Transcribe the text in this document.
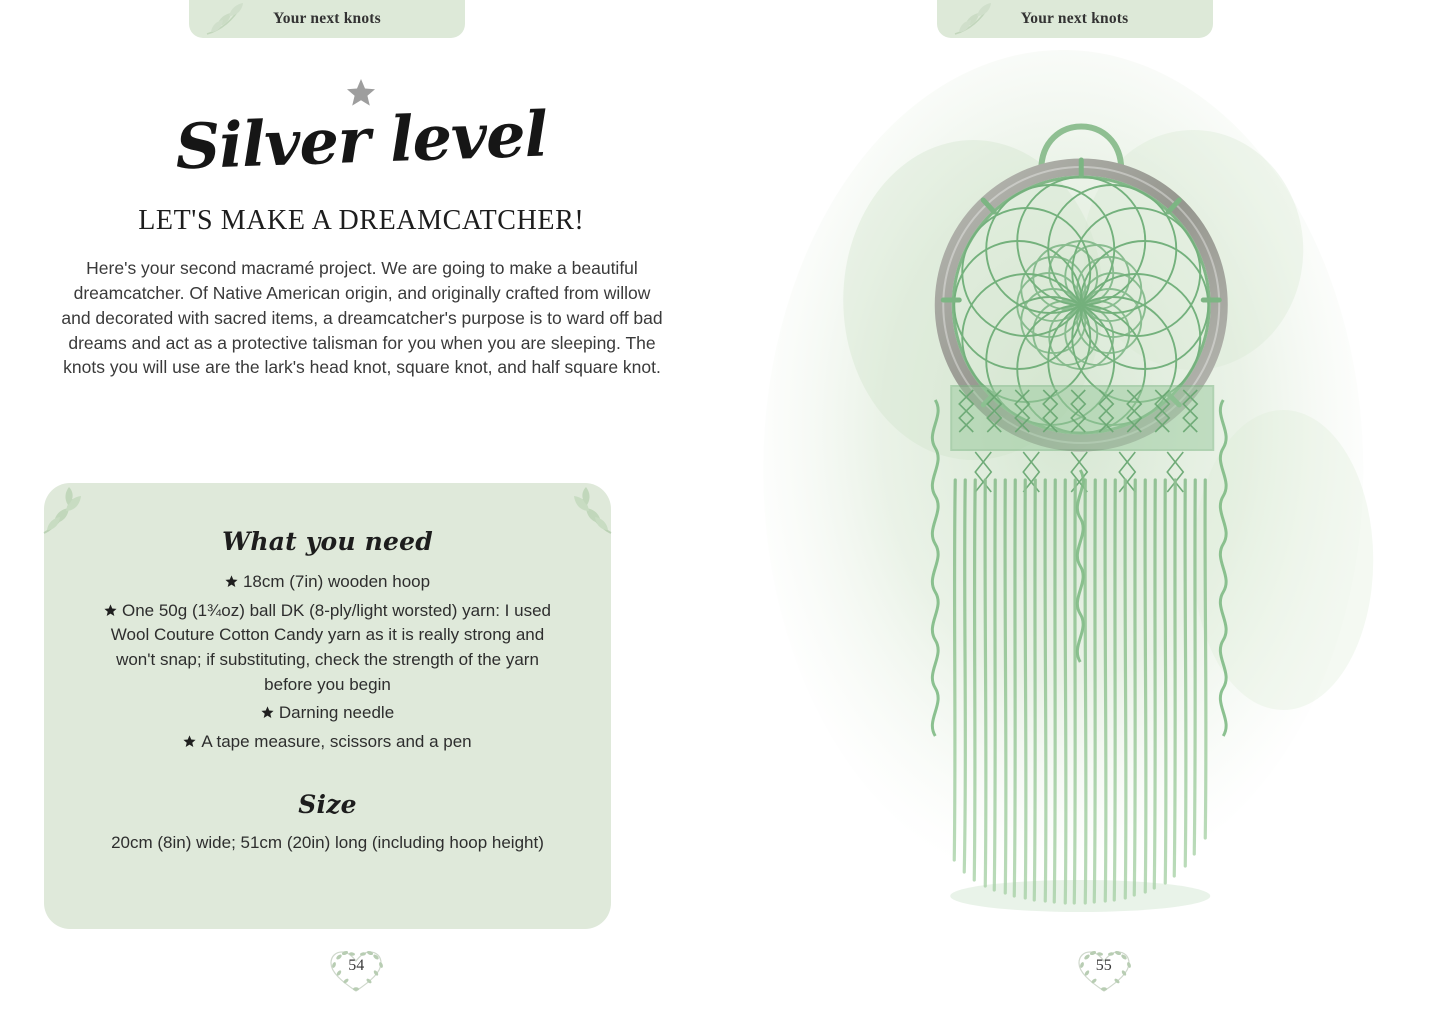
Your next knots
Silver level
LET'S MAKE A DREAMCATCHER!
Here's your second macramé project. We are going to make a beautiful dreamcatcher. Of Native American origin, and originally crafted from willow and decorated with sacred items, a dreamcatcher's purpose is to ward off bad dreams and act as a protective talisman for you when you are sleeping. The knots you will use are the lark's head knot, square knot, and half square knot.
What you need
18cm (7in) wooden hoop
One 50g (1¾oz) ball DK (8-ply/light worsted) yarn: I used Wool Couture Cotton Candy yarn as it is really strong and won't snap; if substituting, check the strength of the yarn before you begin
Darning needle
A tape measure, scissors and a pen
Size
20cm (8in) wide; 51cm (20in) long (including hoop height)
54
Your next knots
55
